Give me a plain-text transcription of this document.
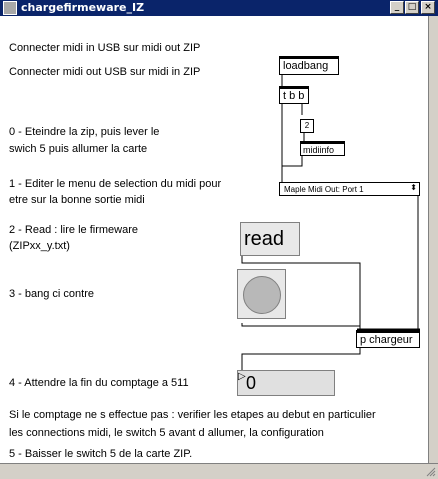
chargefirmeware_IZ	_ □ ×
Connecter midi in USB sur midi out ZIP
Connecter midi out USB sur midi in ZIP
0 - Eteindre la zip, puis lever le
swich 5 puis allumer la carte
1 - Editer le menu de selection du midi pour
etre sur la bonne sortie midi
2 - Read : lire le firmeware
(ZIPxx_y.txt)
3 - bang ci contre
4 - Attendre la fin du comptage a 511
Si le comptage ne s effectue pas : verifier les etapes au debut en particulier
les connections midi, le switch 5 avant d allumer, la configuration
5 - Baisser le switch 5 de la carte ZIP.
loadbang
t b b
2
midiinfo
Maple Midi Out: Port 1	⬍
read
p chargeur
▷ 0
